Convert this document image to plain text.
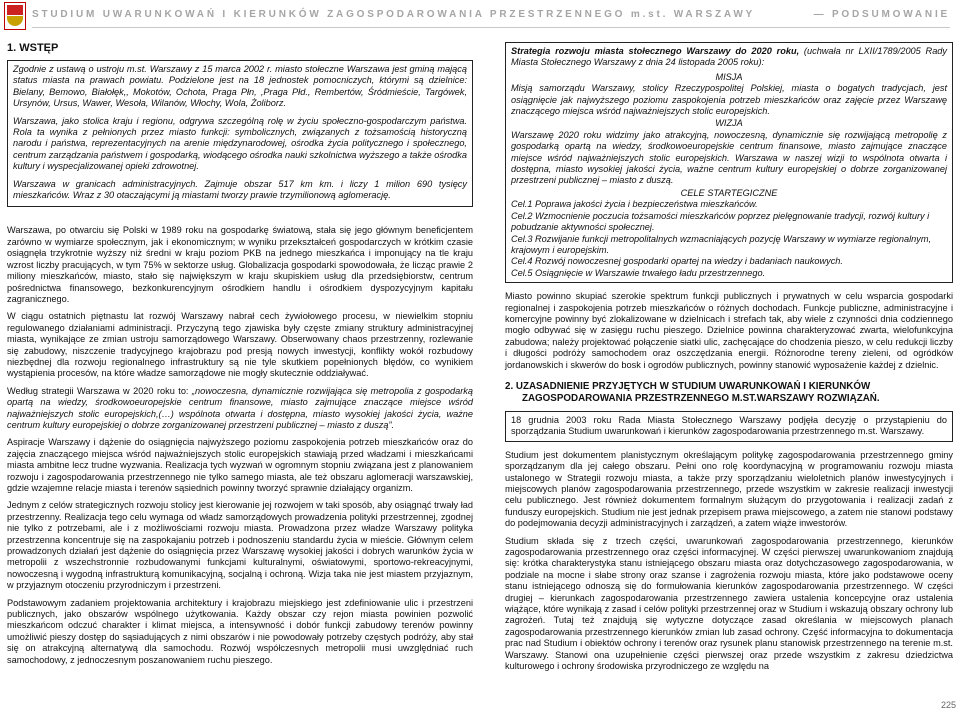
STUDIUM UWARUNKOWAŃ I KIERUNKÓW ZAGOSPODAROWANIA PRZESTRZENNEGO m.st. WARSZAWY	— PODSUMOWANIE
1. WSTĘP

Zgodnie z ustawą o ustroju m.st. Warszawy z 15 marca 2002 r. miasto stołeczne Warszawa jest gminą mającą status miasta na prawach powiatu. Podzielone jest na 18 jednostek pomocniczych, którymi są dzielnice: Bielany, Bemowo, Białołęk,, Mokotów, Ochota, Praga Płn, ,Praga Płd., Rembertów, Śródmieście, Targówek, Ursynów, Ursus, Wawer, Wesoła, Wilanów, Włochy, Wola, Żoliborz.

Warszawa, jako stolica kraju i regionu, odgrywa szczególną rolę w życiu społeczno-gospodarczym państwa. Rola ta wynika z pełnionych przez miasto funkcji: symbolicznych, związanych z tożsamością historyczną narodu i państwa, reprezentacyjnych na arenie międzynarodowej, ośrodka życia politycznego i społecznego, centrum zarządzania państwem i gospodarką, wiodącego ośrodka nauki szkolnictwa wyższego a także ośrodka kultury i wyspecjalizowanej opieki zdrowotnej.

Warszawa w granicach administracyjnych. Zajmuje obszar 517 km km. i liczy 1 milion 690 tysięcy mieszkańców. Wraz z 30 otaczającymi ją miastami tworzy prawie trzymilionową aglomerację.

Warszawa, po otwarciu się Polski w 1989 roku na gospodarkę światową, stała się jego głównym beneficjentem zarówno w wymiarze społecznym, jak i ekonomicznym; w wyniku przekształceń gospodarczych w krótkim czasie osiągnęła trzykrotnie wyższy niż średni w kraju poziom PKB na jednego mieszkańca i imponujący na tle kraju wzrost liczby pracujących, w tym 75% w sektorze usług. Globalizacja gospodarki spowodowała, że licząc prawie 2 miliony mieszkańców, miasto, stało się największym w kraju skupiskiem usług dla przedsiębiorstw, centrum pośrednictwa finansowego, bezkonkurencyjnym ośrodkiem handlu i ośrodkiem dyspozycyjnym kapitału zagranicznego.

W ciągu ostatnich piętnastu lat rozwój Warszawy nabrał cech żywiołowego procesu, w niewielkim stopniu regulowanego działaniami administracji. Przyczyną tego zjawiska były częste zmiany struktury administracyjnej miasta, wynikające ze zmian ustroju samorządowego Warszawy. Obserwowany chaos przestrzenny, rozlewanie się zabudowy, niszczenie tradycyjnego krajobrazu pod presją nowych inwestycji, konflikty wokół rozbudowy niezbędnej dla rozwoju regionalnego infrastruktury są nie tyle skutkiem popełnionych błędów, co wynikiem wystąpienia procesów, na które władze samorządowe nie mogły skutecznie oddziaływać.

Według strategii Warszawa w 2020 roku to: „nowoczesna, dynamicznie rozwijająca się metropolia z gospodarką opartą na wiedzy, środkowoeuropejskie centrum finansowe, miasto zajmujące znaczące miejsce wśród najważniejszych stolic europejskich,(…) wspólnota otwarta i dostępna, miasto wysokiej jakości życia, ważne centrum kultury europejskiej o dobrze zorganizowanej przestrzeni publicznej – miasto z duszą”.

Aspiracje Warszawy i dążenie do osiągnięcia najwyższego poziomu zaspokojenia potrzeb mieszkańców oraz do zajęcia znaczącego miejsca wśród najważniejszych stolic europejskich stawiają przed władzami i mieszkańcami miasta ambitne lecz trudne wyzwania. Realizacja tych wyzwań w ogromnym stopniu związana jest z planowaniem rozwoju i zagospodarowania przestrzennego nie tylko samego miasta, ale też obszaru aglomeracji warszawskiej, gdzie wzajemne relacje miasta i terenów sąsiednich powinny tworzyć sprawnie działający organizm.

Jednym z celów strategicznych rozwoju stolicy jest kierowanie jej rozwojem w taki sposób, aby osiągnąć trwały ład przestrzenny. Realizacja tego celu wymaga od władz samorządowych prowadzenia polityki przestrzennej, zgodnej nie tylko z potrzebami, ale i z możliwościami rozwoju miasta. Prowadzona przez władze Warszawy polityka przestrzenna koncentruje się na zaspokajaniu potrzeb i podnoszeniu standardu życia w mieście. Głównym celem prowadzonych działań jest dążenie do osiągnięcia przez Warszawę wysokiej jakości i dobrych warunków życia w metropolii z wszechstronnie rozbudowanymi funkcjami kulturalnymi, oświatowymi, sportowo-rekreacyjnymi, nowoczesną i wygodną infrastrukturą komunikacyjną, socjalną i ochroną. Wizja taka nie jest miastem przyjaznym, w przyjaznym otoczeniu przyrodniczym i przestrzeni.

Podstawowym zadaniem projektowania architektury i krajobrazu miejskiego jest zdefiniowanie ulic i przestrzeni publicznych, jako obszarów wspólnego użytkowania. Każdy obszar czy rejon miasta powinien pozwolić mieszkańcom odczuć charakter i klimat miejsca, a intensywność i dobór funkcji zabudowy terenów powinny umożliwić pieszy dostęp do sąsiadujących z nimi obszarów i nie powodowały potrzeby częstych podróży, aby stał się on atrakcyjną alternatywą dla samochodu. Rozwój współczesnych metropolii musi uwzględniać ruch samochodowy, z jednoczesnym poszanowaniem ruchu pieszego.

Strategia rozwoju miasta stołecznego Warszawy do 2020 roku, (uchwała nr LXII/1789/2005 Rady Miasta Stołecznego Warszawy z dnia 24 listopada 2005 roku):

MISJA

Misją samorządu Warszawy, stolicy Rzeczypospolitej Polskiej, miasta o bogatych tradycjach, jest osiągnięcie jak najwyższego poziomu zaspokojenia potrzeb mieszkańców oraz zajęcie przez Warszawę znaczącego miejsca wśród najważniejszych stolic europejskich.

WIZJA

Warszawę 2020 roku widzimy jako atrakcyjną, nowoczesną, dynamicznie się rozwijającą metropolię z gospodarką opartą na wiedzy, środkowoeuropejskie centrum finansowe, miasto zajmujące znaczące miejsce wśród najważniejszych stolic europejskich. Warszawa w naszej wizji to wspólnota otwarta i dostępna, miasto wysokiej jakości życia, ważne centrum kultury europejskiej o dobrze zorganizowanej przestrzeni publicznej – miasto z duszą.

CELE STARTEGICZNE
Cel.1 Poprawa jakości życia i bezpieczeństwa mieszkańców.
Cel.2 Wzmocnienie poczucia tożsamości mieszkańców poprzez pielęgnowanie tradycji, rozwój kultury i pobudzanie aktywności społecznej.
Cel.3 Rozwijanie funkcji metropolitalnych wzmacniających pozycję Warszawy w wymiarze regionalnym, krajowym i europejskim.
Cel.4 Rozwój nowoczesnej gospodarki opartej na wiedzy i badaniach naukowych.
Cel.5 Osiągnięcie w Warszawie trwałego ładu przestrzennego.

Miasto powinno skupiać szerokie spektrum funkcji publicznych i prywatnych w celu wsparcia gospodarki regionalnej i zaspokojenia potrzeb mieszkańców o różnych dochodach. Funkcje publiczne, administracyjne i komercyjne powinny być zlokalizowane w dzielnicach i strefach tak, aby wiele z czynności dnia codziennego mogło odbywać się w zasięgu ruchu pieszego. Dzielnice powinna charakteryzować zwarta, wielofunkcyjna zabudowa; należy projektować połączenie siatki ulic, zachęcające do chodzenia pieszo, w celu redukcji liczby i długości podróży samochodem oraz oszczędzania energii. Różnorodne tereny zieleni, od ogródków jordanowskich i skwerów do bosk i ogrodów publicznych, powinny stanowić wyposażenie każdej z dzielnic.

2. UZASADNIENIE PRZYJĘTYCH W STUDIUM UWARUNKOWAŃ I KIERUNKÓW
ZAGOSPODAROWANIA PRZESTRZENNEGO M.ST.WARSZAWY ROZWIĄZAŃ.

18 grudnia 2003 roku Rada Miasta Stołecznego Warszawy podjęła decyzję o przystąpieniu do sporządzania Studium uwarunkowań i kierunków zagospodarowania przestrzennego m.st. Warszawy.

Studium jest dokumentem planistycznym określającym politykę zagospodarowania przestrzennego gminy sporządzanym dla jej całego obszaru. Pełni ono rolę koordynacyjną w programowaniu rozwoju miasta ustalonego w Strategii rozwoju miasta, a także przy sporządzaniu wieloletnich planów inwestycyjnych i miejscowych planów zagospodarowania przestrzennego, przede wszystkim w zakresie realizacji inwestycji celu publicznego. Jest również dokumentem formalnym służącym do przygotowania i realizacji zadań z funduszy europejskich. Studium nie jest jednak przepisem prawa miejscowego, a zatem nie stanowi podstawy do podejmowania decyzji administracyjnych i zarządzeń, a zatem wiąże inwestorów.

Studium składa się z trzech części, uwarunkowań zagospodarowania przestrzennego, kierunków zagospodarowania przestrzennego oraz części informacyjnej. W części pierwszej uwarunkowaniom znajdują się: krótka charakterystyka stanu istniejącego obszaru miasta oraz dotychczasowego zagospodarowania, w podziale na mocne i słabe strony oraz szanse i zagrożenia rozwoju miasta, które jako podstawowe oceny stanu istniejącego odnoszą się do formułowania kierunków zagospodarowania przestrzennego. W części drugiej – kierunkach zagospodarowania przestrzennego zawiera ustalenia koncepcyjne oraz ustalenia wiążące, które wynikają z zasad i celów polityki przestrzennej oraz w Studium i wskazują obszary ochrony lub zagrożeń. Tutaj też znajdują się wytyczne dotyczące zasad określania w miejscowych planach zagospodarowania przestrzennego kierunków zmian lub zasad ochrony. Część informacyjna to dokumentacja prac nad Studium i obiektów ochrony i terenów oraz rysunek planu stanowisk przestrzennego na terenie m.st. Warszawy. Stanowi ona uzupełnienie części pierwszej oraz przede wszystkim z zakresu dziedzictwa kulturowego i ochrony środowiska przyrodniczego ze względu na

225
